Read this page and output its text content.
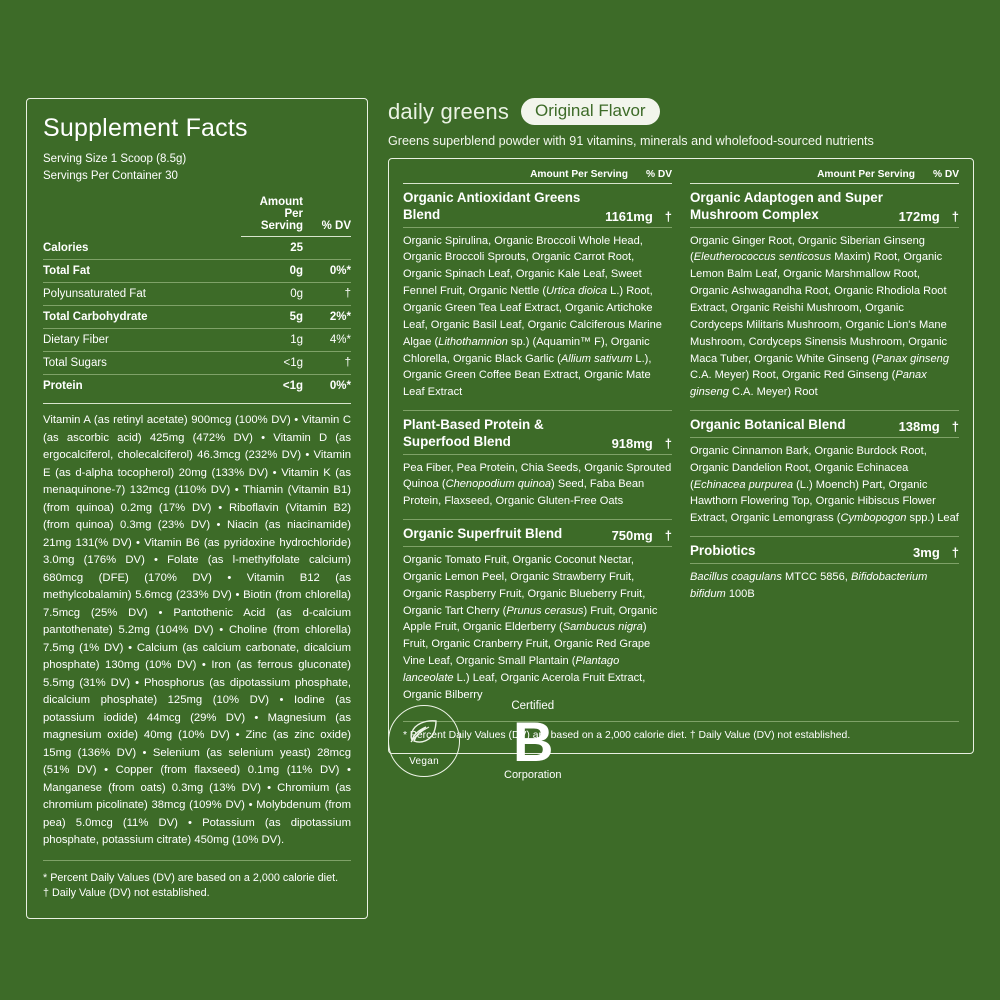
Supplement Facts
Serving Size 1 Scoop (8.5g)
Servings Per Container 30
	Amount Per Serving	% DV
Calories	25	
Total Fat	0g	0%*
Polyunsaturated Fat	0g	†
Total Carbohydrate	5g	2%*
Dietary Fiber	1g	4%*
Total Sugars	<1g	†
Protein	<1g	0%*
Vitamin A (as retinyl acetate) 900mcg (100% DV) • Vitamin C (as ascorbic acid) 425mg (472% DV) • Vitamin D (as ergocalciferol, cholecalciferol) 46.3mcg (232% DV) • Vitamin E (as d-alpha tocopherol) 20mg (133% DV) • Vitamin K (as menaquinone-7) 132mcg (110% DV) • Thiamin (Vitamin B1) (from quinoa) 0.2mg (17% DV) • Riboflavin (Vitamin B2) (from quinoa) 0.3mg (23% DV) • Niacin (as niacinamide) 21mg 131(% DV) • Vitamin B6 (as pyridoxine hydrochloride) 3.0mg (176% DV) • Folate (as l-methylfolate calcium) 680mcg (DFE) (170% DV) • Vitamin B12 (as methylcobalamin) 5.6mcg (233% DV) • Biotin (from chlorella) 7.5mcg (25% DV) • Pantothenic Acid (as d-calcium pantothenate) 5.2mg (104% DV) • Choline (from chlorella) 7.5mg (1% DV) • Calcium (as calcium carbonate, dicalcium phosphate) 130mg (10% DV) • Iron (as ferrous gluconate) 5.5mg (31% DV) • Phosphorus (as dipotassium phosphate, dicalcium phosphate) 125mg (10% DV) • Iodine (as potassium iodide) 44mcg (29% DV) • Magnesium (as magnesium oxide) 40mg (10% DV) • Zinc (as zinc oxide) 15mg (136% DV) • Selenium (as selenium yeast) 28mcg (51% DV) • Copper (from flaxseed) 0.1mg (11% DV) • Manganese (from oats) 0.3mg (13% DV) • Chromium (as chromium picolinate) 38mcg (109% DV) • Molybdenum (from pea) 5.0mcg (11% DV) • Potassium (as dipotassium phosphate, potassium citrate) 450mg (10% DV).
* Percent Daily Values (DV) are based on a 2,000 calorie diet.
† Daily Value (DV) not established.
daily greens	Original Flavor
Greens superblend powder with 91 vitamins, minerals and wholefood-sourced nutrients
Amount Per Serving	% DV
Organic Antioxidant Greens Blend	1161mg †
Organic Spirulina, Organic Broccoli Whole Head, Organic Broccoli Sprouts, Organic Carrot Root, Organic Spinach Leaf, Organic Kale Leaf, Sweet Fennel Fruit, Organic Nettle (Urtica dioica L.) Root, Organic Green Tea Leaf Extract, Organic Artichoke Leaf, Organic Basil Leaf, Organic Calciferous Marine Algae (Lithothamnion sp.) (Aquamin™ F), Organic Chlorella, Organic Black Garlic (Allium sativum L.), Organic Green Coffee Bean Extract, Organic Mate Leaf Extract
Plant-Based Protein & Superfood Blend	918mg †
Pea Fiber, Pea Protein, Chia Seeds, Organic Sprouted Quinoa (Chenopodium quinoa) Seed, Faba Bean Protein, Flaxseed, Organic Gluten-Free Oats
Organic Superfruit Blend	750mg †
Organic Tomato Fruit, Organic Coconut Nectar, Organic Lemon Peel, Organic Strawberry Fruit, Organic Raspberry Fruit, Organic Blueberry Fruit, Organic Tart Cherry (Prunus cerasus) Fruit, Organic Apple Fruit, Organic Elderberry (Sambucus nigra) Fruit, Organic Cranberry Fruit, Organic Red Grape Vine Leaf, Organic Small Plantain (Plantago lanceolate L.) Leaf, Organic Acerola Fruit Extract, Organic Bilberry
Amount Per Serving	% DV
Organic Adaptogen and Super Mushroom Complex	172mg †
Organic Ginger Root, Organic Siberian Ginseng (Eleutherococcus senticosus Maxim) Root, Organic Lemon Balm Leaf, Organic Marshmallow Root, Organic Ashwagandha Root, Organic Rhodiola Root Extract, Organic Reishi Mushroom, Organic Cordyceps Militaris Mushroom, Organic Lion's Mane Mushroom, Cordyceps Sinensis Mushroom, Organic Maca Tuber, Organic White Ginseng (Panax ginseng C.A. Meyer) Root, Organic Red Ginseng (Panax ginseng C.A. Meyer) Root
Organic Botanical Blend	138mg †
Organic Cinnamon Bark, Organic Burdock Root, Organic Dandelion Root, Organic Echinacea (Echinacea purpurea (L.) Moench) Part, Organic Hawthorn Flowering Top, Organic Hibiscus Flower Extract, Organic Lemongrass (Cymbopogon spp.) Leaf
Probiotics	3mg †
Bacillus coagulans MTCC 5856, Bifidobacterium bifidum 100B
* Percent Daily Values (DV) are based on a 2,000 calorie diet. † Daily Value (DV) not established.
Vegan
Certified
B
Corporation
